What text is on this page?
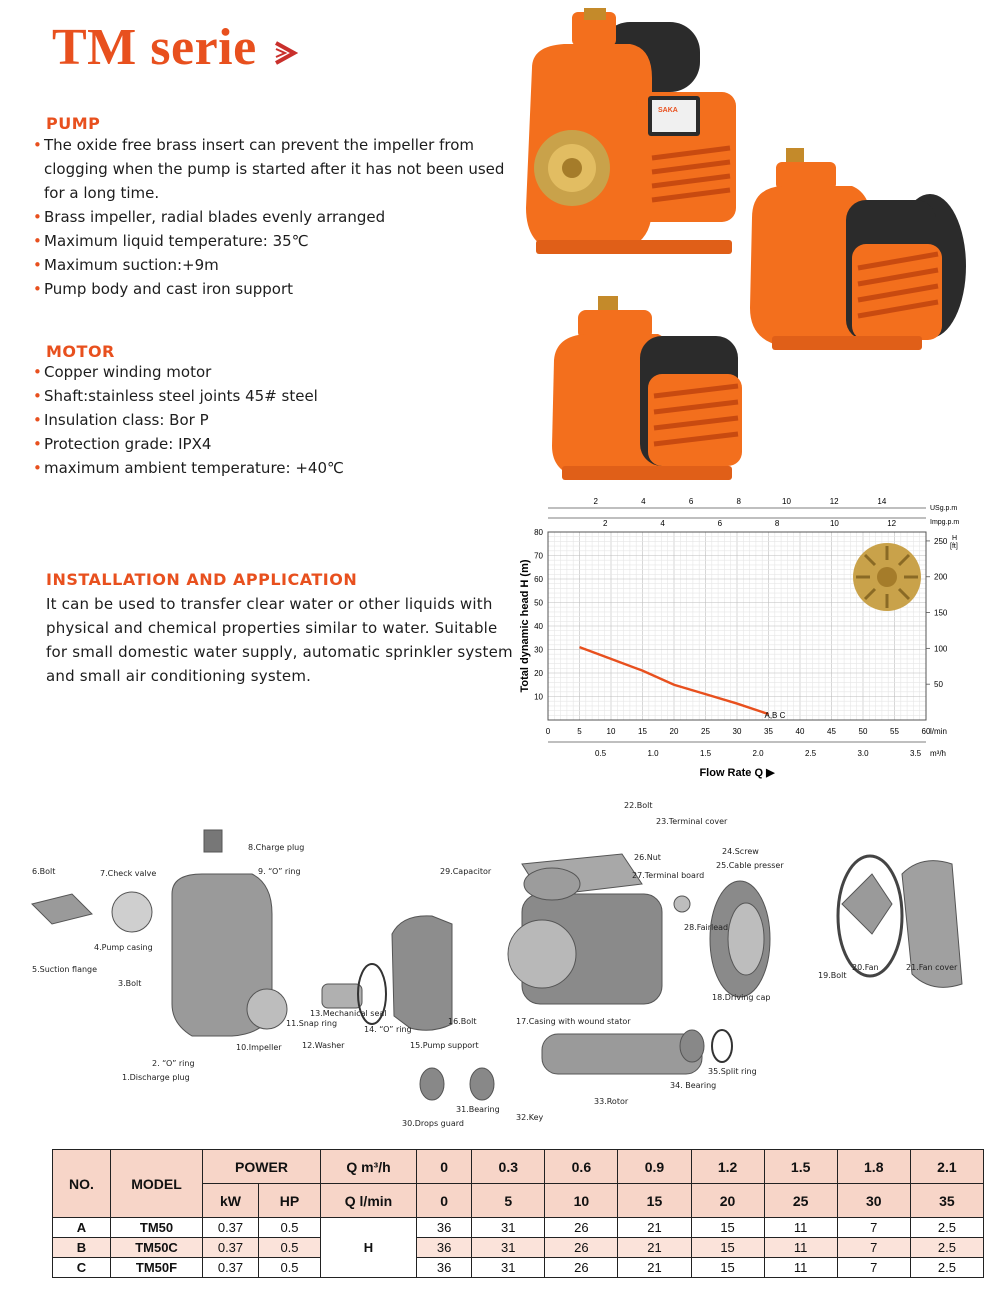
TM serie
PUMP
• The oxide free brass insert can prevent the impeller from clogging when the pump is started after it has not been used for a long time.
• Brass impeller, radial blades evenly arranged
• Maximum liquid temperature: 35℃
• Maximum suction:+9m
• Pump body and cast iron support
MOTOR
• Copper winding motor
• Shaft:stainless steel joints 45# steel
• Insulation class: Bor P
• Protection grade: IPX4
• maximum ambient temperature: +40℃
INSTALLATION AND APPLICATION
It can be used to transfer clear water or other liquids with physical and chemical properties similar to water. Suitable for small domestic water supply, automatic sprinkler system and small air conditioning system.
SAKA
10
20
30
40
50
60
70
80
0	5	10	15	20	25	30	35	40	45	50	55	60 l/min
0.5	1.0	1.5	2.0	2.5	3.0	3.5 m³/h
2	4	6	8	10	12	14
USg.p.m
2	4	6	8	10	12	Impg.p.m
50
100
150
200
250 H
[ft]
Total dynamic head H (m)
Flow Rate Q ▶
A,B C
1.Discharge plug
2. “O” ring
3.Bolt
4.Pump casing
5.Suction flange
6.Bolt	7.Check valve
8.Charge plug
9. “O” ring
10.Impeller
11.Snap ring
12.Washer
13.Mechanical seal
14. “O” ring
15.Pump support
16.Bolt	17.Casing with wound stator
18.Driving cap
19.Bolt
20.Fan	21.Fan cover
22.Bolt
23.Terminal cover
24.Screw
25.Cable presser
26.Nut
27.Terminal board
28.Fairlead
29.Capacitor
30.Drops guard
31.Bearing
32.Key
33.Rotor
34. Bearing
35.Split ring
NO.	MODEL	POWER		Q m³/h	0	0.3	0.6	0.9	1.2	1.5	1.8	2.1
		kW	HP	Q l/min	0	5	10	15	20	25	30	35
A	TM50	0.37	0.5	H	36	31	26	21	15	11	7	2.5
B	TM50C	0.37	0.5		36	31	26	21	15	11	7	2.5
C	TM50F	0.37	0.5		36	31	26	21	15	11	7	2.5
